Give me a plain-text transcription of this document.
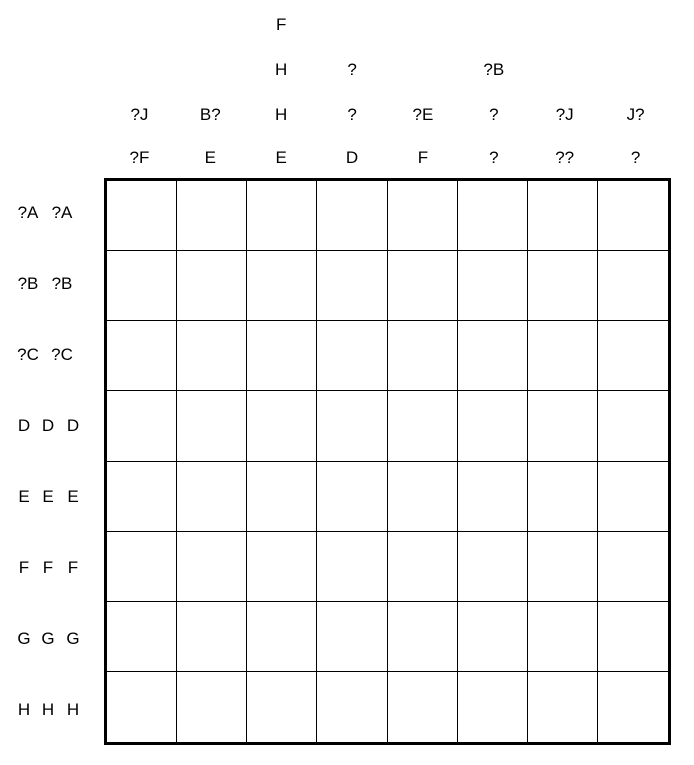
?J
?F
B?
E
F
H
H
E
?
?
D
?E
F
?B
?
?
?J
??
J?
?
?A ?A
?B ?B
?C ?C
D D D
E E E
F F F
G G G
H H H
